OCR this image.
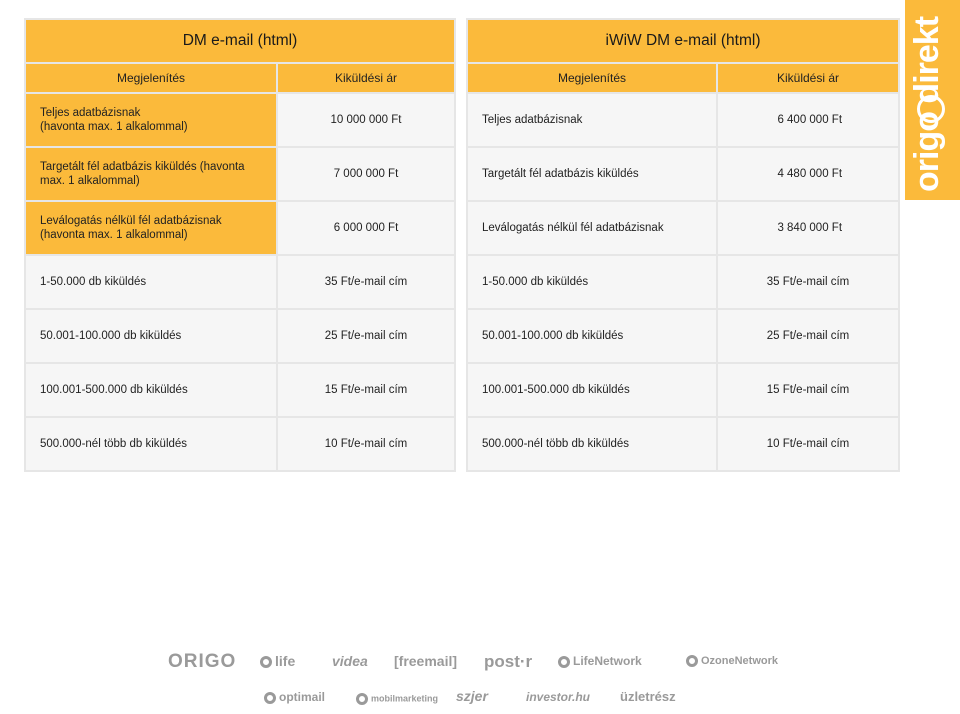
DM e-mail (html)	
Megjelenítés	Kiküldési ár
Teljes adatbázisnak
(havonta max. 1 alkalommal)	10 000 000 Ft
Targetált fél adatbázis kiküldés (havonta max. 1 alkalommal)	7 000 000 Ft
Leválogatás nélkül fél adatbázisnak (havonta max. 1 alkalommal)	6 000 000 Ft
1-50.000 db kiküldés	35 Ft/e-mail cím
50.001-100.000 db kiküldés	25 Ft/e-mail cím
100.001-500.000 db kiküldés	15 Ft/e-mail cím
500.000-nél több db kiküldés	10 Ft/e-mail cím
iWiW DM e-mail (html)	
Megjelenítés	Kiküldési ár
Teljes adatbázisnak	6 400 000 Ft
Targetált fél adatbázis kiküldés	4 480 000 Ft
Leválogatás nélkül fél adatbázisnak	3 840 000 Ft
1-50.000 db kiküldés	35 Ft/e-mail cím
50.001-100.000 db kiküldés	25 Ft/e-mail cím
100.001-500.000 db kiküldés	15 Ft/e-mail cím
500.000-nél több db kiküldés	10 Ft/e-mail cím
origo direkt
ORIGO	life	videa [freemail] post·r	LifeNetwork	OzoneNetwork
optimail	mobilmarketing szjer	investor.hu üzletrész
